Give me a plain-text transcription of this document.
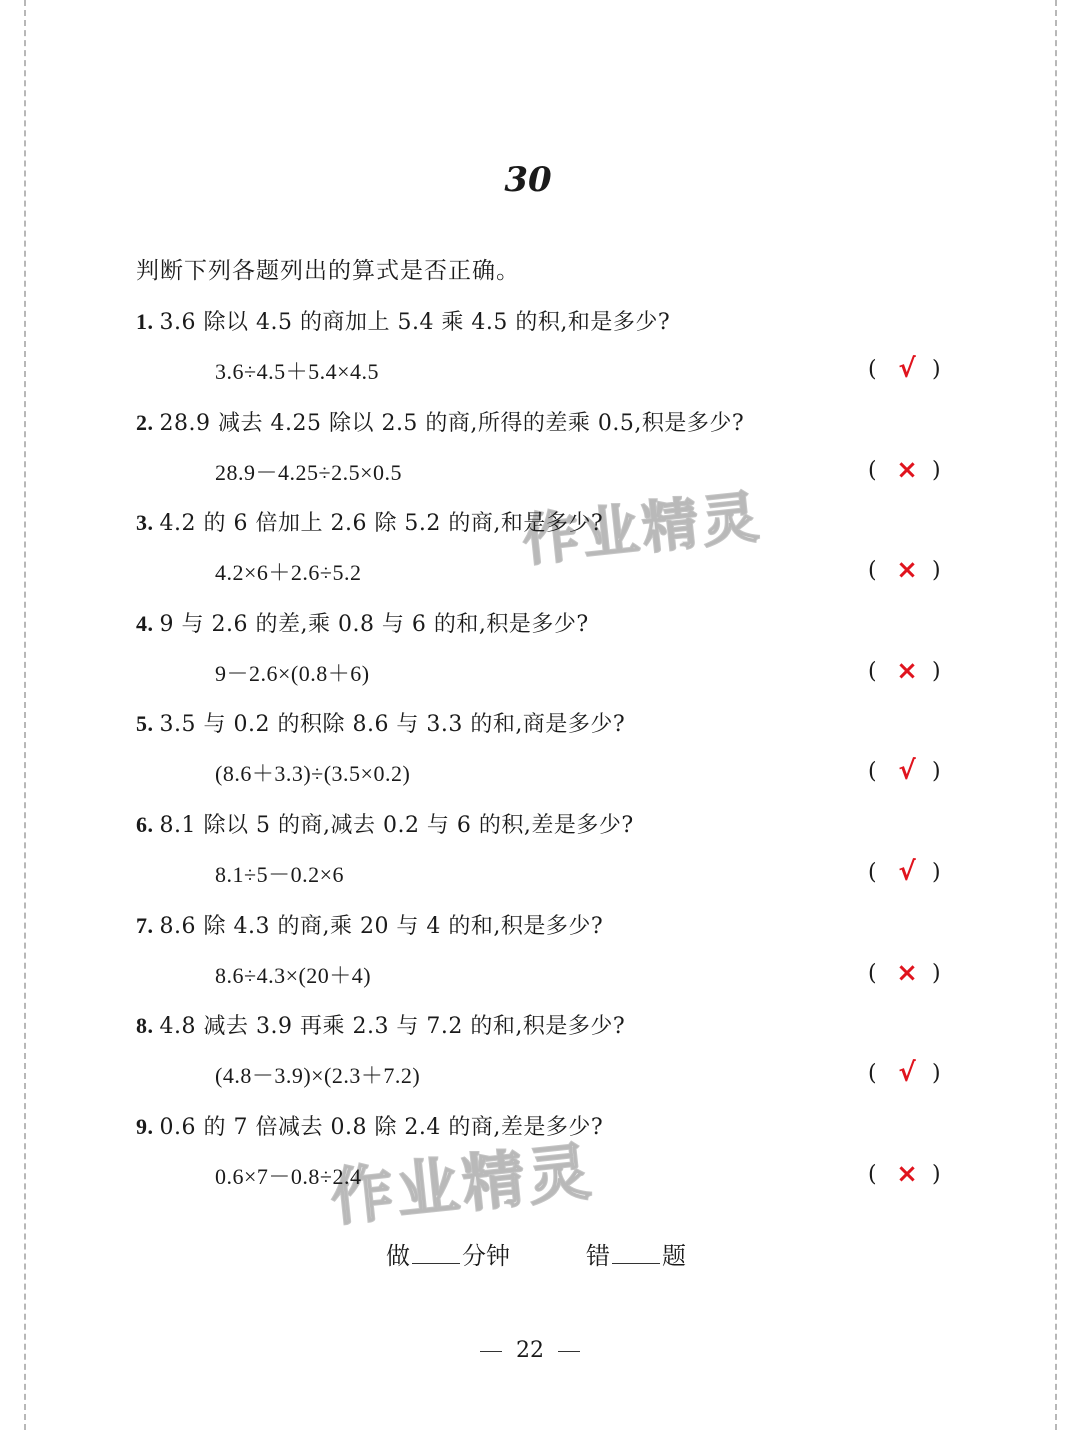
作业精灵
作业精灵
30
判断下列各题列出的算式是否正确。
1. 3.6 除以 4.5 的商加上 5.4 乘 4.5 的积,和是多少?
3.6÷4.5＋5.4×4.5	( √ )
2. 28.9 减去 4.25 除以 2.5 的商,所得的差乘 0.5,积是多少?
28.9－4.25÷2.5×0.5	( × )
3. 4.2 的 6 倍加上 2.6 除 5.2 的商,和是多少?
4.2×6＋2.6÷5.2	( × )
4. 9 与 2.6 的差,乘 0.8 与 6 的和,积是多少?
9－2.6×(0.8＋6)	( × )
5. 3.5 与 0.2 的积除 8.6 与 3.3 的和,商是多少?
(8.6＋3.3)÷(3.5×0.2)	( √ )
6. 8.1 除以 5 的商,减去 0.2 与 6 的积,差是多少?
8.1÷5－0.2×6	( √ )
7. 8.6 除 4.3 的商,乘 20 与 4 的和,积是多少?
8.6÷4.3×(20＋4)	( × )
8. 4.8 减去 3.9 再乘 2.3 与 7.2 的和,积是多少?
(4.8－3.9)×(2.3＋7.2)	( √ )
9. 0.6 的 7 倍减去 0.8 除 2.4 的商,差是多少?
0.6×7－0.8÷2.4	( × )
做 分钟	错 题
22
